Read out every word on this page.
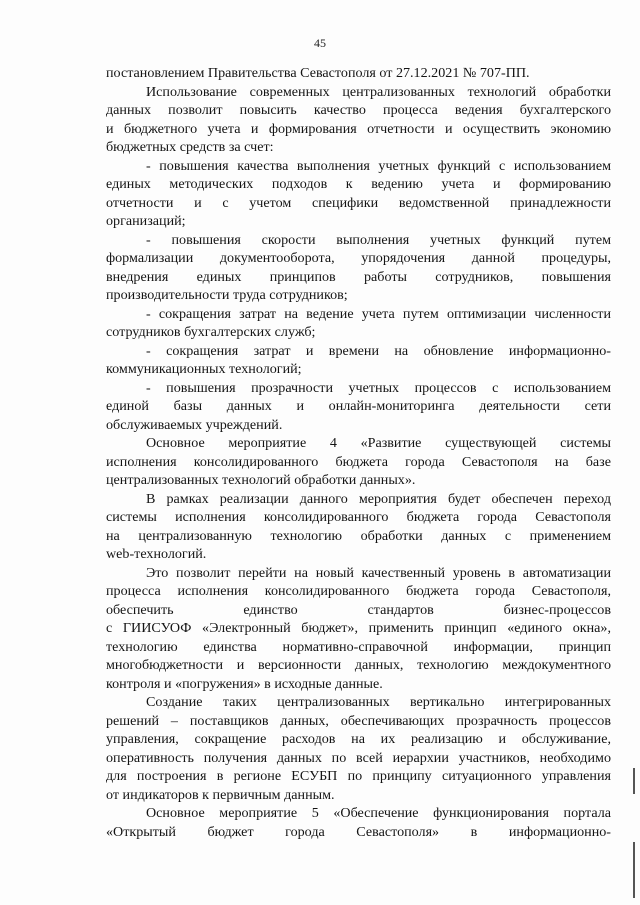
45
постановлением Правительства Севастополя от 27.12.2021 № 707-ПП.
Использование современных централизованных технологий обработки
данных позволит повысить качество процесса ведения бухгалтерского
и бюджетного учета и формирования отчетности и осуществить экономию
бюджетных средств за счет:
- повышения качества выполнения учетных функций с использованием
единых методических подходов к ведению учета и формированию
отчетности и с учетом специфики ведомственной принадлежности
организаций;
- повышения скорости выполнения учетных функций путем
формализации документооборота, упорядочения данной процедуры,
внедрения единых принципов работы сотрудников, повышения
производительности труда сотрудников;
- сокращения затрат на ведение учета путем оптимизации численности
сотрудников бухгалтерских служб;
- сокращения затрат и времени на обновление информационно-
коммуникационных технологий;
- повышения прозрачности учетных процессов с использованием
единой базы данных и онлайн-мониторинга деятельности сети
обслуживаемых учреждений.
Основное мероприятие 4 «Развитие существующей системы
исполнения консолидированного бюджета города Севастополя на базе
централизованных технологий обработки данных».
В рамках реализации данного мероприятия будет обеспечен переход
системы исполнения консолидированного бюджета города Севастополя
на централизованную технологию обработки данных с применением
web-технологий.
Это позволит перейти на новый качественный уровень в автоматизации
процесса исполнения консолидированного бюджета города Севастополя,
обеспечить единство стандартов бизнес-процессов
с ГИИСУОФ «Электронный бюджет», применить принцип «единого окна»,
технологию единства нормативно-справочной информации, принцип
многобюджетности и версионности данных, технологию междокументного
контроля и «погружения» в исходные данные.
Создание таких централизованных вертикально интегрированных
решений – поставщиков данных, обеспечивающих прозрачность процессов
управления, сокращение расходов на их реализацию и обслуживание,
оперативность получения данных по всей иерархии участников, необходимо
для построения в регионе ЕСУБП по принципу ситуационного управления
от индикаторов к первичным данным.
Основное мероприятие 5 «Обеспечение функционирования портала
«Открытый бюджет города Севастополя» в информационно-
